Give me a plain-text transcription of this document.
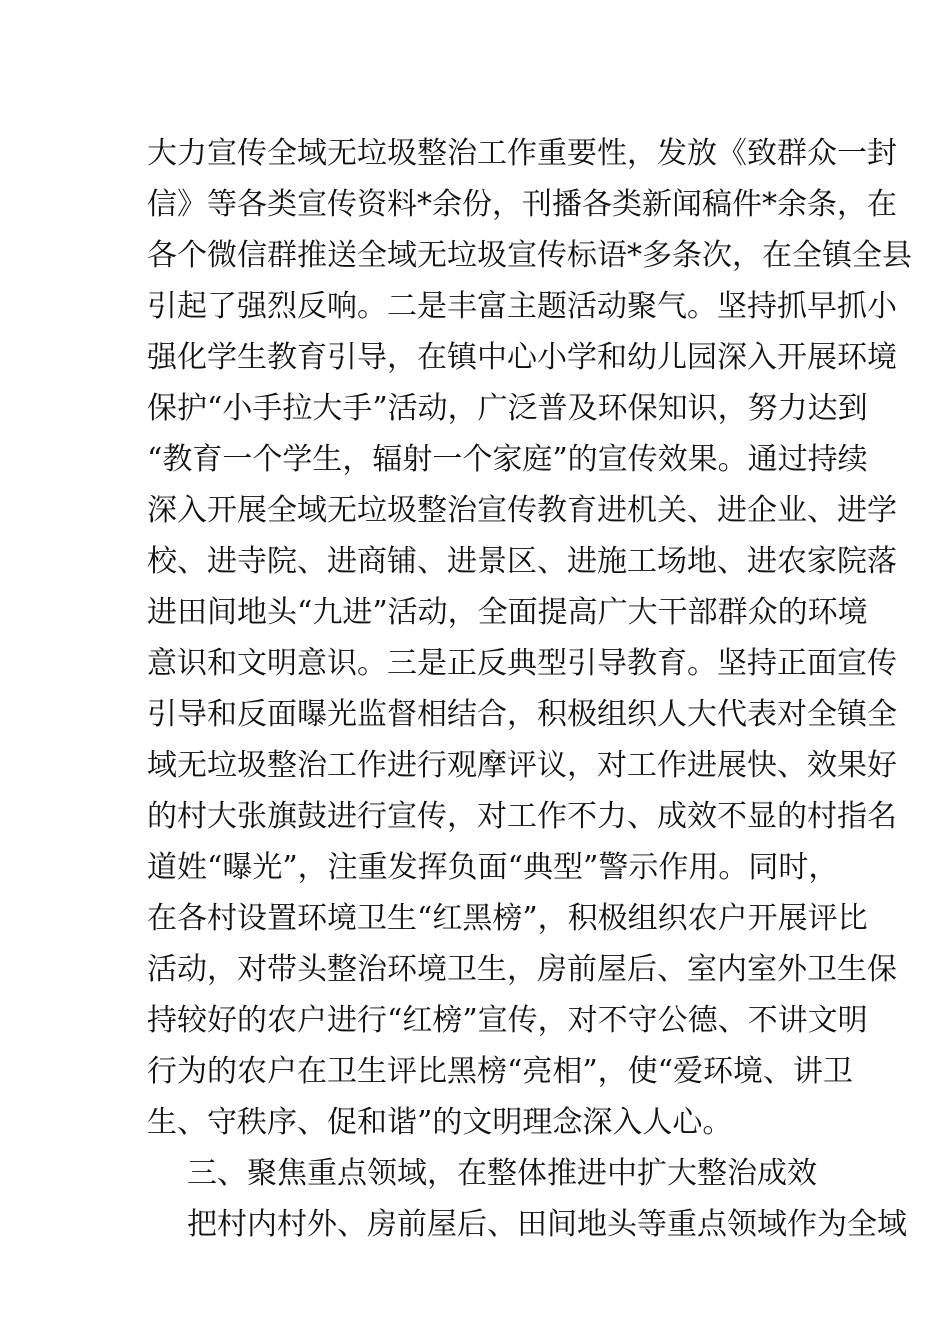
大力宣传全域无垃圾整治工作重要性，发放《致群众一封
信》等各类宣传资料*余份，刊播各类新闻稿件*余条，在
各个微信群推送全域无垃圾宣传标语*多条次，在全镇全县
引起了强烈反响。二是丰富主题活动聚气。坚持抓早抓小
强化学生教育引导，在镇中心小学和幼儿园深入开展环境
保护“小手拉大手”活动，广泛普及环保知识，努力达到
“教育一个学生，辐射一个家庭”的宣传效果。通过持续
深入开展全域无垃圾整治宣传教育进机关、进企业、进学
校、进寺院、进商铺、进景区、进施工场地、进农家院落
进田间地头“九进”活动，全面提高广大干部群众的环境
意识和文明意识。三是正反典型引导教育。坚持正面宣传
引导和反面曝光监督相结合，积极组织人大代表对全镇全
域无垃圾整治工作进行观摩评议，对工作进展快、效果好
的村大张旗鼓进行宣传，对工作不力、成效不显的村指名
道姓“曝光”，注重发挥负面“典型”警示作用。同时，
在各村设置环境卫生“红黑榜”，积极组织农户开展评比
活动，对带头整治环境卫生，房前屋后、室内室外卫生保
持较好的农户进行“红榜”宣传，对不守公德、不讲文明
行为的农户在卫生评比黑榜“亮相”，使“爱环境、讲卫
生、守秩序、促和谐”的文明理念深入人心。
三、聚焦重点领域，在整体推进中扩大整治成效
把村内村外、房前屋后、田间地头等重点领域作为全域
